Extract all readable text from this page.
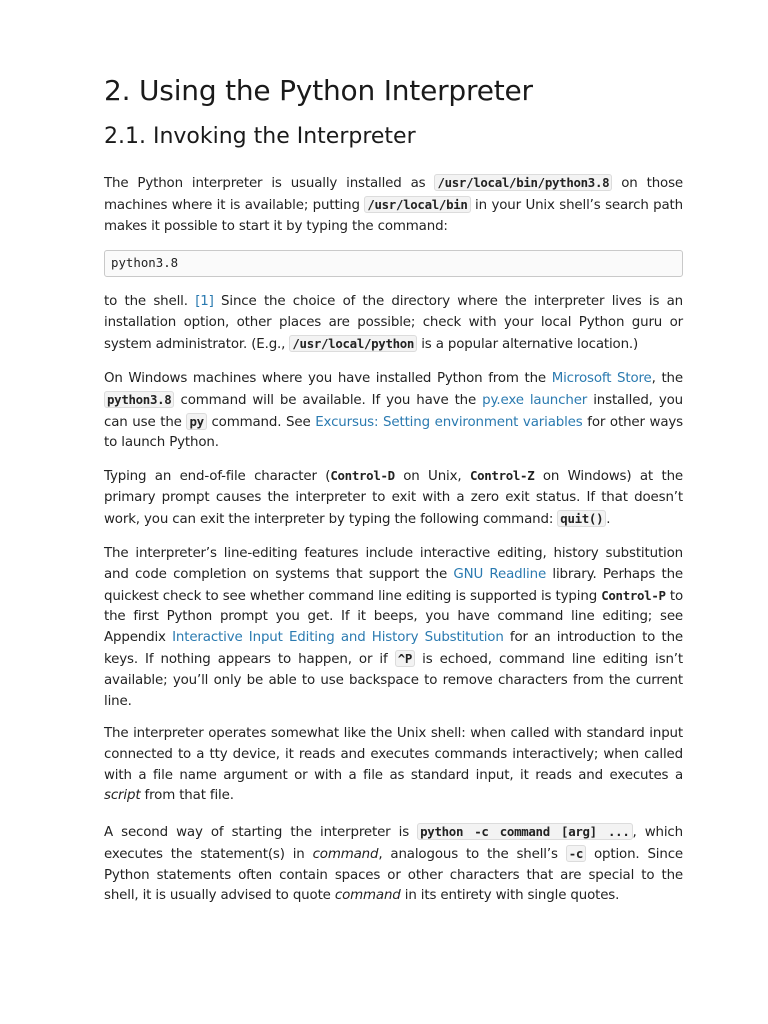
2. Using the Python Interpreter
2.1. Invoking the Interpreter

The Python interpreter is usually installed as /usr/local/bin/python3.8 on those machines where it is available; putting /usr/local/bin in your Unix shell’s search path makes it possible to start it by typing the command:

python3.8

to the shell. [1] Since the choice of the directory where the interpreter lives is an installation option, other places are possible; check with your local Python guru or system administrator. (E.g., /usr/local/python is a popular alternative location.)

On Windows machines where you have installed Python from the Microsoft Store, the python3.8 command will be available. If you have the py.exe launcher installed, you can use the py command. See Excursus: Setting environment variables for other ways to launch Python.

Typing an end-of-file character (Control-D on Unix, Control-Z on Windows) at the primary prompt causes the interpreter to exit with a zero exit status. If that doesn’t work, you can exit the interpreter by typing the following command: quit() .

The interpreter’s line-editing features include interactive editing, history substitution and code completion on systems that support the GNU Readline library. Perhaps the quickest check to see whether command line editing is supported is typing Control-P to the first Python prompt you get. If it beeps, you have command line editing; see Appendix Interactive Input Editing and History Substitution for an introduction to the keys. If nothing appears to happen, or if ^P is echoed, command line editing isn’t available; you’ll only be able to use backspace to remove characters from the current line.

The interpreter operates somewhat like the Unix shell: when called with standard input connected to a tty device, it reads and executes commands interactively; when called with a file name argument or with a file as standard input, it reads and executes a script from that file.

A second way of starting the interpreter is python -c command [arg] ... , which executes the statement(s) in command, analogous to the shell’s -c option. Since Python statements often contain spaces or other characters that are special to the shell, it is usually advised to quote command in its entirety with single quotes.
